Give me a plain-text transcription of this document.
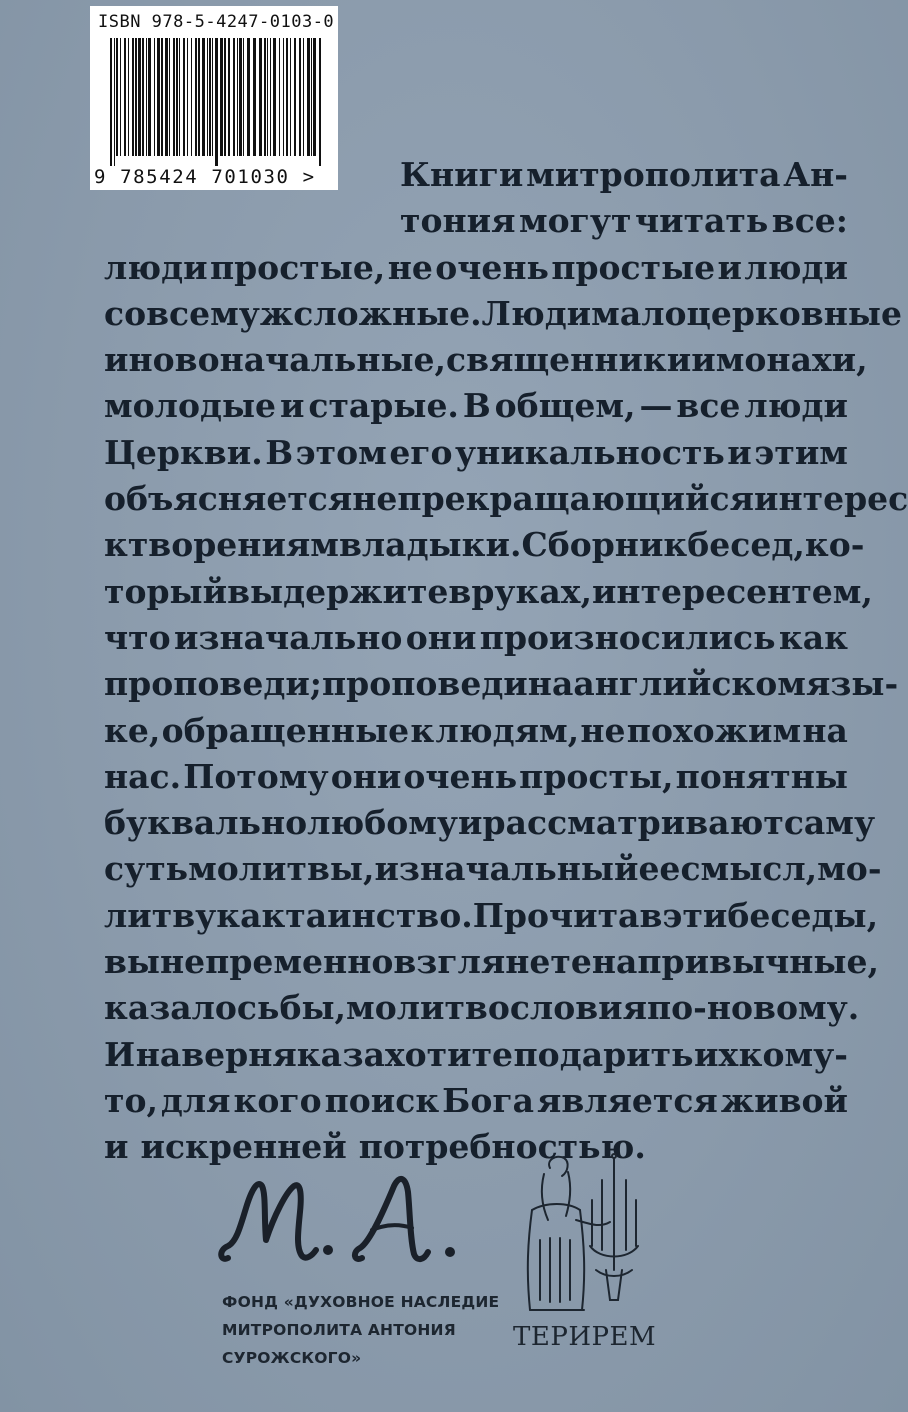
ISBN 978-5-4247-0103-0
9 785424 701030 >	Книги митрополита Ан-
тония могут читать все:
люди простые, не очень простые и люди
совсем уж сложные. Люди малоцерковные
и новоначальные, священники и монахи,
молодые и старые. В общем, — все люди
Церкви. В этом его уникальность и этим
объясняется непрекращающийся интерес
к творениям владыки. Сборник бесед, ко-
торый вы держите в руках, интересен тем,
что изначально они произносились как
проповеди; проповеди на английском язы-
ке, обращенные к людям, не похожим на
нас. Потому они очень просты, понятны
буквально любому и рассматривают саму
суть молитвы, изначальный ее смысл, мо-
литву как таинство. Прочитав эти беседы,
вы непременно взглянете на привычные,
казалось бы, молитвословия по-новому.
И наверняка захотите подарить их кому-
то, для кого поиск Бога является живой
и искренней потребностью.
ФОНД «ДУХОВНОЕ НАСЛЕДИЕ
МИТРОПОЛИТА АНТОНИЯ
СУРОЖСКОГО»
ТЕРИРЕМ
